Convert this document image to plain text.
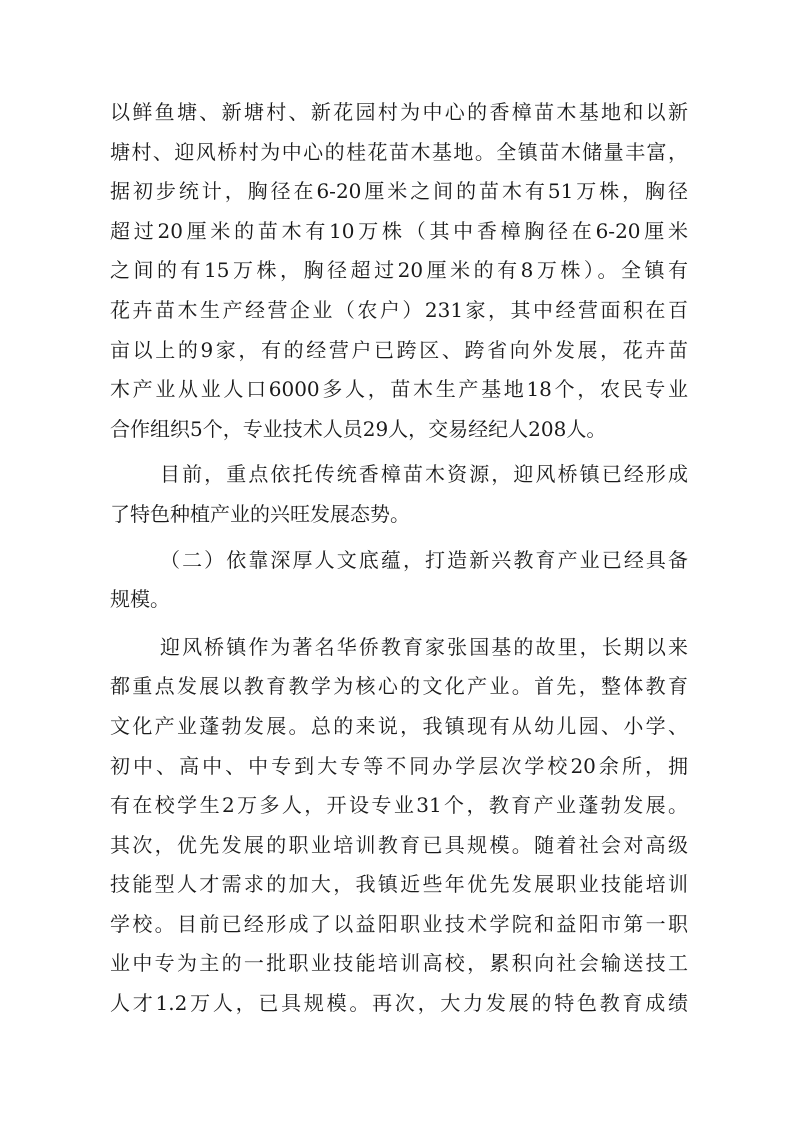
以鲜鱼塘、新塘村、新花园村为中心的香樟苗木基地和以新
塘村、迎风桥村为中心的桂花苗木基地。全镇苗木储量丰富，
据初步统计，胸径在6-20厘米之间的苗木有51万株，胸径
超过20厘米的苗木有10万株（其中香樟胸径在6-20厘米
之间的有15万株，胸径超过20厘米的有8万株）。全镇有
花卉苗木生产经营企业（农户）231家，其中经营面积在百
亩以上的9家，有的经营户已跨区、跨省向外发展，花卉苗
木产业从业人口6000多人，苗木生产基地18个，农民专业
合作组织5个，专业技术人员29人，交易经纪人208人。
目前，重点依托传统香樟苗木资源，迎风桥镇已经形成
了特色种植产业的兴旺发展态势。
（二）依靠深厚人文底蕴，打造新兴教育产业已经具备
规模。
迎风桥镇作为著名华侨教育家张国基的故里，长期以来
都重点发展以教育教学为核心的文化产业。首先，整体教育
文化产业蓬勃发展。总的来说，我镇现有从幼儿园、小学、
初中、高中、中专到大专等不同办学层次学校20余所，拥
有在校学生2万多人，开设专业31个，教育产业蓬勃发展。
其次，优先发展的职业培训教育已具规模。随着社会对高级
技能型人才需求的加大，我镇近些年优先发展职业技能培训
学校。目前已经形成了以益阳职业技术学院和益阳市第一职
业中专为主的一批职业技能培训高校，累积向社会输送技工
人才1.2万人，已具规模。再次，大力发展的特色教育成绩
